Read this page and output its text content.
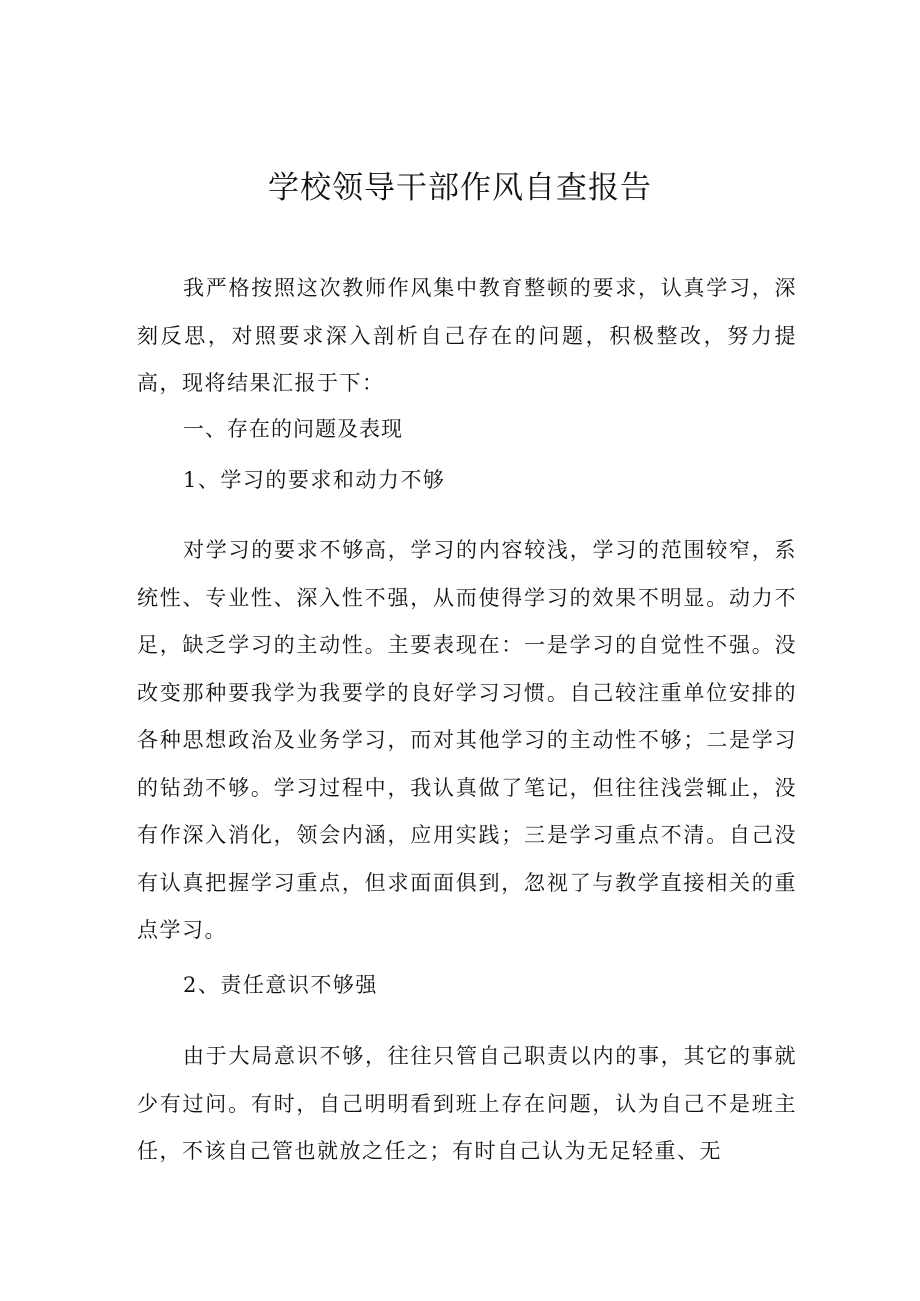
学校领导干部作风自查报告

我严格按照这次教师作风集中教育整顿的要求，认真学习，深刻反思，对照要求深入剖析自己存在的问题，积极整改，努力提高，现将结果汇报于下：

一、存在的问题及表现

1、学习的要求和动力不够

对学习的要求不够高，学习的内容较浅，学习的范围较窄，系统性、专业性、深入性不强，从而使得学习的效果不明显。动力不足，缺乏学习的主动性。主要表现在：一是学习的自觉性不强。没改变那种要我学为我要学的良好学习习惯。自己较注重单位安排的各种思想政治及业务学习，而对其他学习的主动性不够；二是学习的钻劲不够。学习过程中，我认真做了笔记，但往往浅尝辄止，没有作深入消化，领会内涵，应用实践；三是学习重点不清。自己没有认真把握学习重点，但求面面俱到，忽视了与教学直接相关的重点学习。

2、责任意识不够强

由于大局意识不够，往往只管自己职责以内的事，其它的事就少有过问。有时，自己明明看到班上存在问题，认为自己不是班主任，不该自己管也就放之任之；有时自己认为无足轻重、无
